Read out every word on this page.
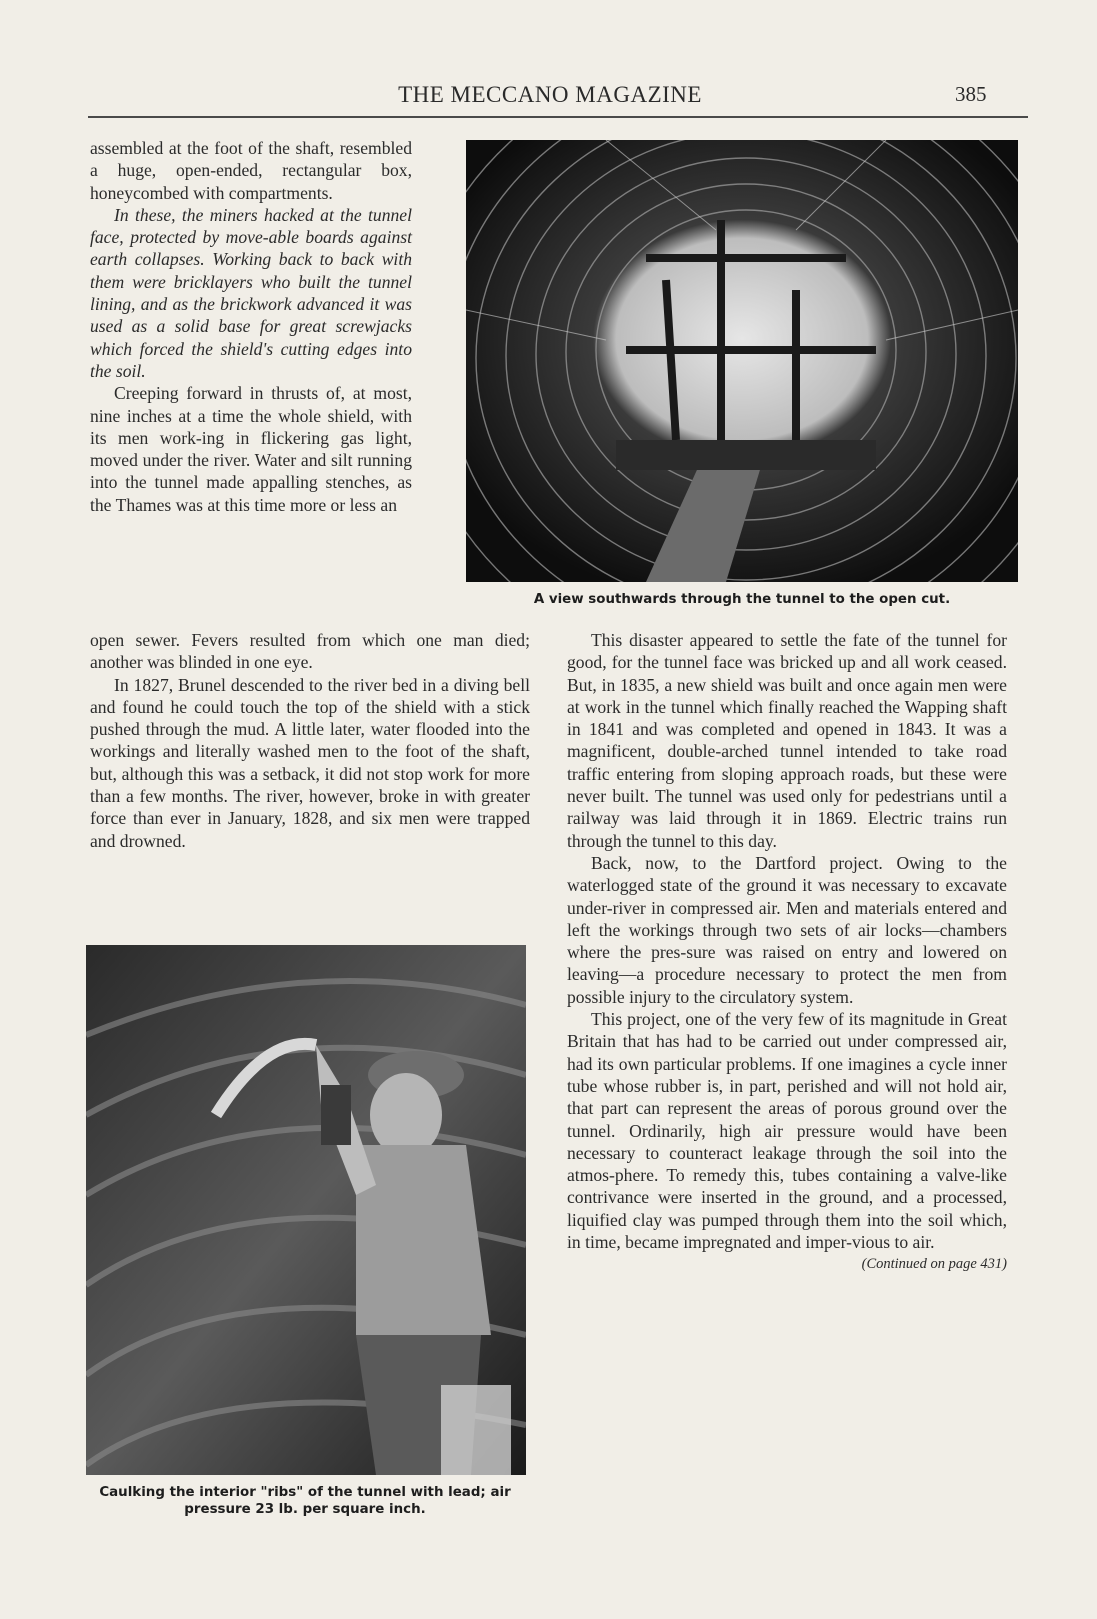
THE MECCANO MAGAZINE	385

assembled at the foot of the shaft, resembled a huge, open-ended, rectangular box, honeycombed with compartments.

In these, the miners hacked at the tunnel face, protected by move-able boards against earth collapses. Working back to back with them were bricklayers who built the tunnel lining, and as the brickwork advanced it was used as a solid base for great screwjacks which forced the shield's cutting edges into the soil.

Creeping forward in thrusts of, at most, nine inches at a time the whole shield, with its men work-ing in flickering gas light, moved under the river. Water and silt running into the tunnel made appalling stenches, as the Thames was at this time more or less an

open sewer. Fevers resulted from which one man died; another was blinded in one eye.

In 1827, Brunel descended to the river bed in a diving bell and found he could touch the top of the shield with a stick pushed through the mud. A little later, water flooded into the workings and literally washed men to the foot of the shaft, but, although this was a setback, it did not stop work for more than a few months. The river, however, broke in with greater force than ever in January, 1828, and six men were trapped and drowned.

A view southwards through the tunnel to the open cut.
Caulking the interior "ribs" of the tunnel with lead; air pressure 23 lb. per square inch.

This disaster appeared to settle the fate of the tunnel for good, for the tunnel face was bricked up and all work ceased. But, in 1835, a new shield was built and once again men were at work in the tunnel which finally reached the Wapping shaft in 1841 and was completed and opened in 1843. It was a magnificent, double-arched tunnel intended to take road traffic entering from sloping approach roads, but these were never built. The tunnel was used only for pedestrians until a railway was laid through it in 1869. Electric trains run through the tunnel to this day.

Back, now, to the Dartford project. Owing to the waterlogged state of the ground it was necessary to excavate under-river in compressed air. Men and materials entered and left the workings through two sets of air locks—chambers where the pres-sure was raised on entry and lowered on leaving—a procedure necessary to protect the men from possible injury to the circulatory system.

This project, one of the very few of its magnitude in Great Britain that has had to be carried out under compressed air, had its own particular problems. If one imagines a cycle inner tube whose rubber is, in part, perished and will not hold air, that part can represent the areas of porous ground over the tunnel. Ordinarily, high air pressure would have been necessary to counteract leakage through the soil into the atmos-phere. To remedy this, tubes containing a valve-like contrivance were inserted in the ground, and a processed, liquified clay was pumped through them into the soil which, in time, became impregnated and imper-vious to air.
(Continued on page 431)
